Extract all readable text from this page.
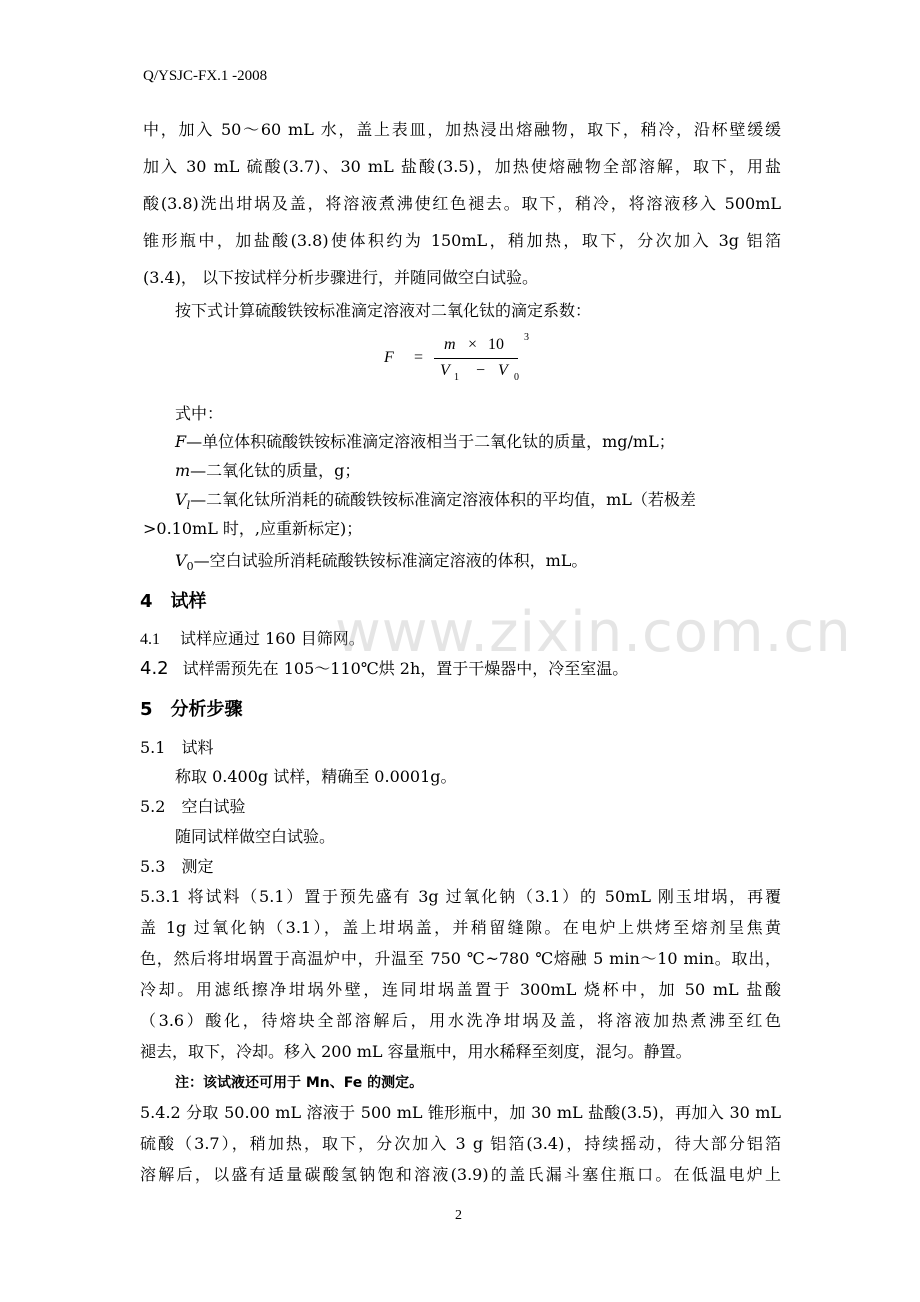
Q/YSJC-FX.1 -2008
中，加入 50～60 mL 水，盖上表皿，加热浸出熔融物，取下，稍冷，沿杯壁缓缓
加入 30 mL 硫酸(3.7)、30 mL 盐酸(3.5)，加热使熔融物全部溶解，取下，用盐
酸(3.8)洗出坩埚及盖，将溶液煮沸使红色褪去。取下，稍冷，将溶液移入 500mL
锥形瓶中，加盐酸(3.8)使体积约为 150mL，稍加热，取下，分次加入 3g 铝箔
(3.4)， 以下按试样分析步骤进行，并随同做空白试验。
按下式计算硫酸铁铵标准滴定溶液对二氧化钛的滴定系数：
F =
m × 10 3
V 1 − V 0
式中：
F—单位体积硫酸铁铵标准滴定溶液相当于二氧化钛的质量，mg/mL；
m—二氧化钛的质量，g；
$V_l—$二氧化钛所消耗的硫酸铁铵标准滴定溶液体积的平均值，mL（若极差
>0.10mL 时，,应重新标定)；
$V_0—$空白试验所消耗硫酸铁铵标准滴定溶液的体积，mL。
4　试样
4.1 试样应通过 160 目筛网。
4.2 试样需预先在 105～110℃烘 2h，置于干燥器中，冷至室温。
5　分析步骤
5.1　试料
称取 0.400g 试样，精确至 0.0001g。
5.2　空白试验
随同试样做空白试验。
5.3　测定
5.3.1 将试料（5.1）置于预先盛有 3g 过氧化钠（3.1）的 50mL 刚玉坩埚，再覆
盖 1g 过氧化钠（3.1），盖上坩埚盖，并稍留缝隙。在电炉上烘烤至熔剂呈焦黄
色，然后将坩埚置于高温炉中，升温至 750 ℃~780 ℃熔融 5 min～10 min。取出，
冷却。用滤纸擦净坩埚外壁，连同坩埚盖置于 300mL 烧杯中，加 50 mL 盐酸
（3.6）酸化，待熔块全部溶解后，用水洗净坩埚及盖，将溶液加热煮沸至红色
褪去，取下，冷却。移入 200 mL 容量瓶中，用水稀释至刻度，混匀。静置。
注：该试液还可用于 Mn、Fe 的测定。
5.4.2 分取 50.00 mL 溶液于 500 mL 锥形瓶中，加 30 mL 盐酸(3.5)，再加入 30 mL
硫酸（3.7），稍加热，取下，分次加入 3 g 铝箔(3.4)，持续摇动，待大部分铝箔
溶解后，以盛有适量碳酸氢钠饱和溶液(3.9)的盖氏漏斗塞住瓶口。在低温电炉上
www.zixin.com.cn
2
